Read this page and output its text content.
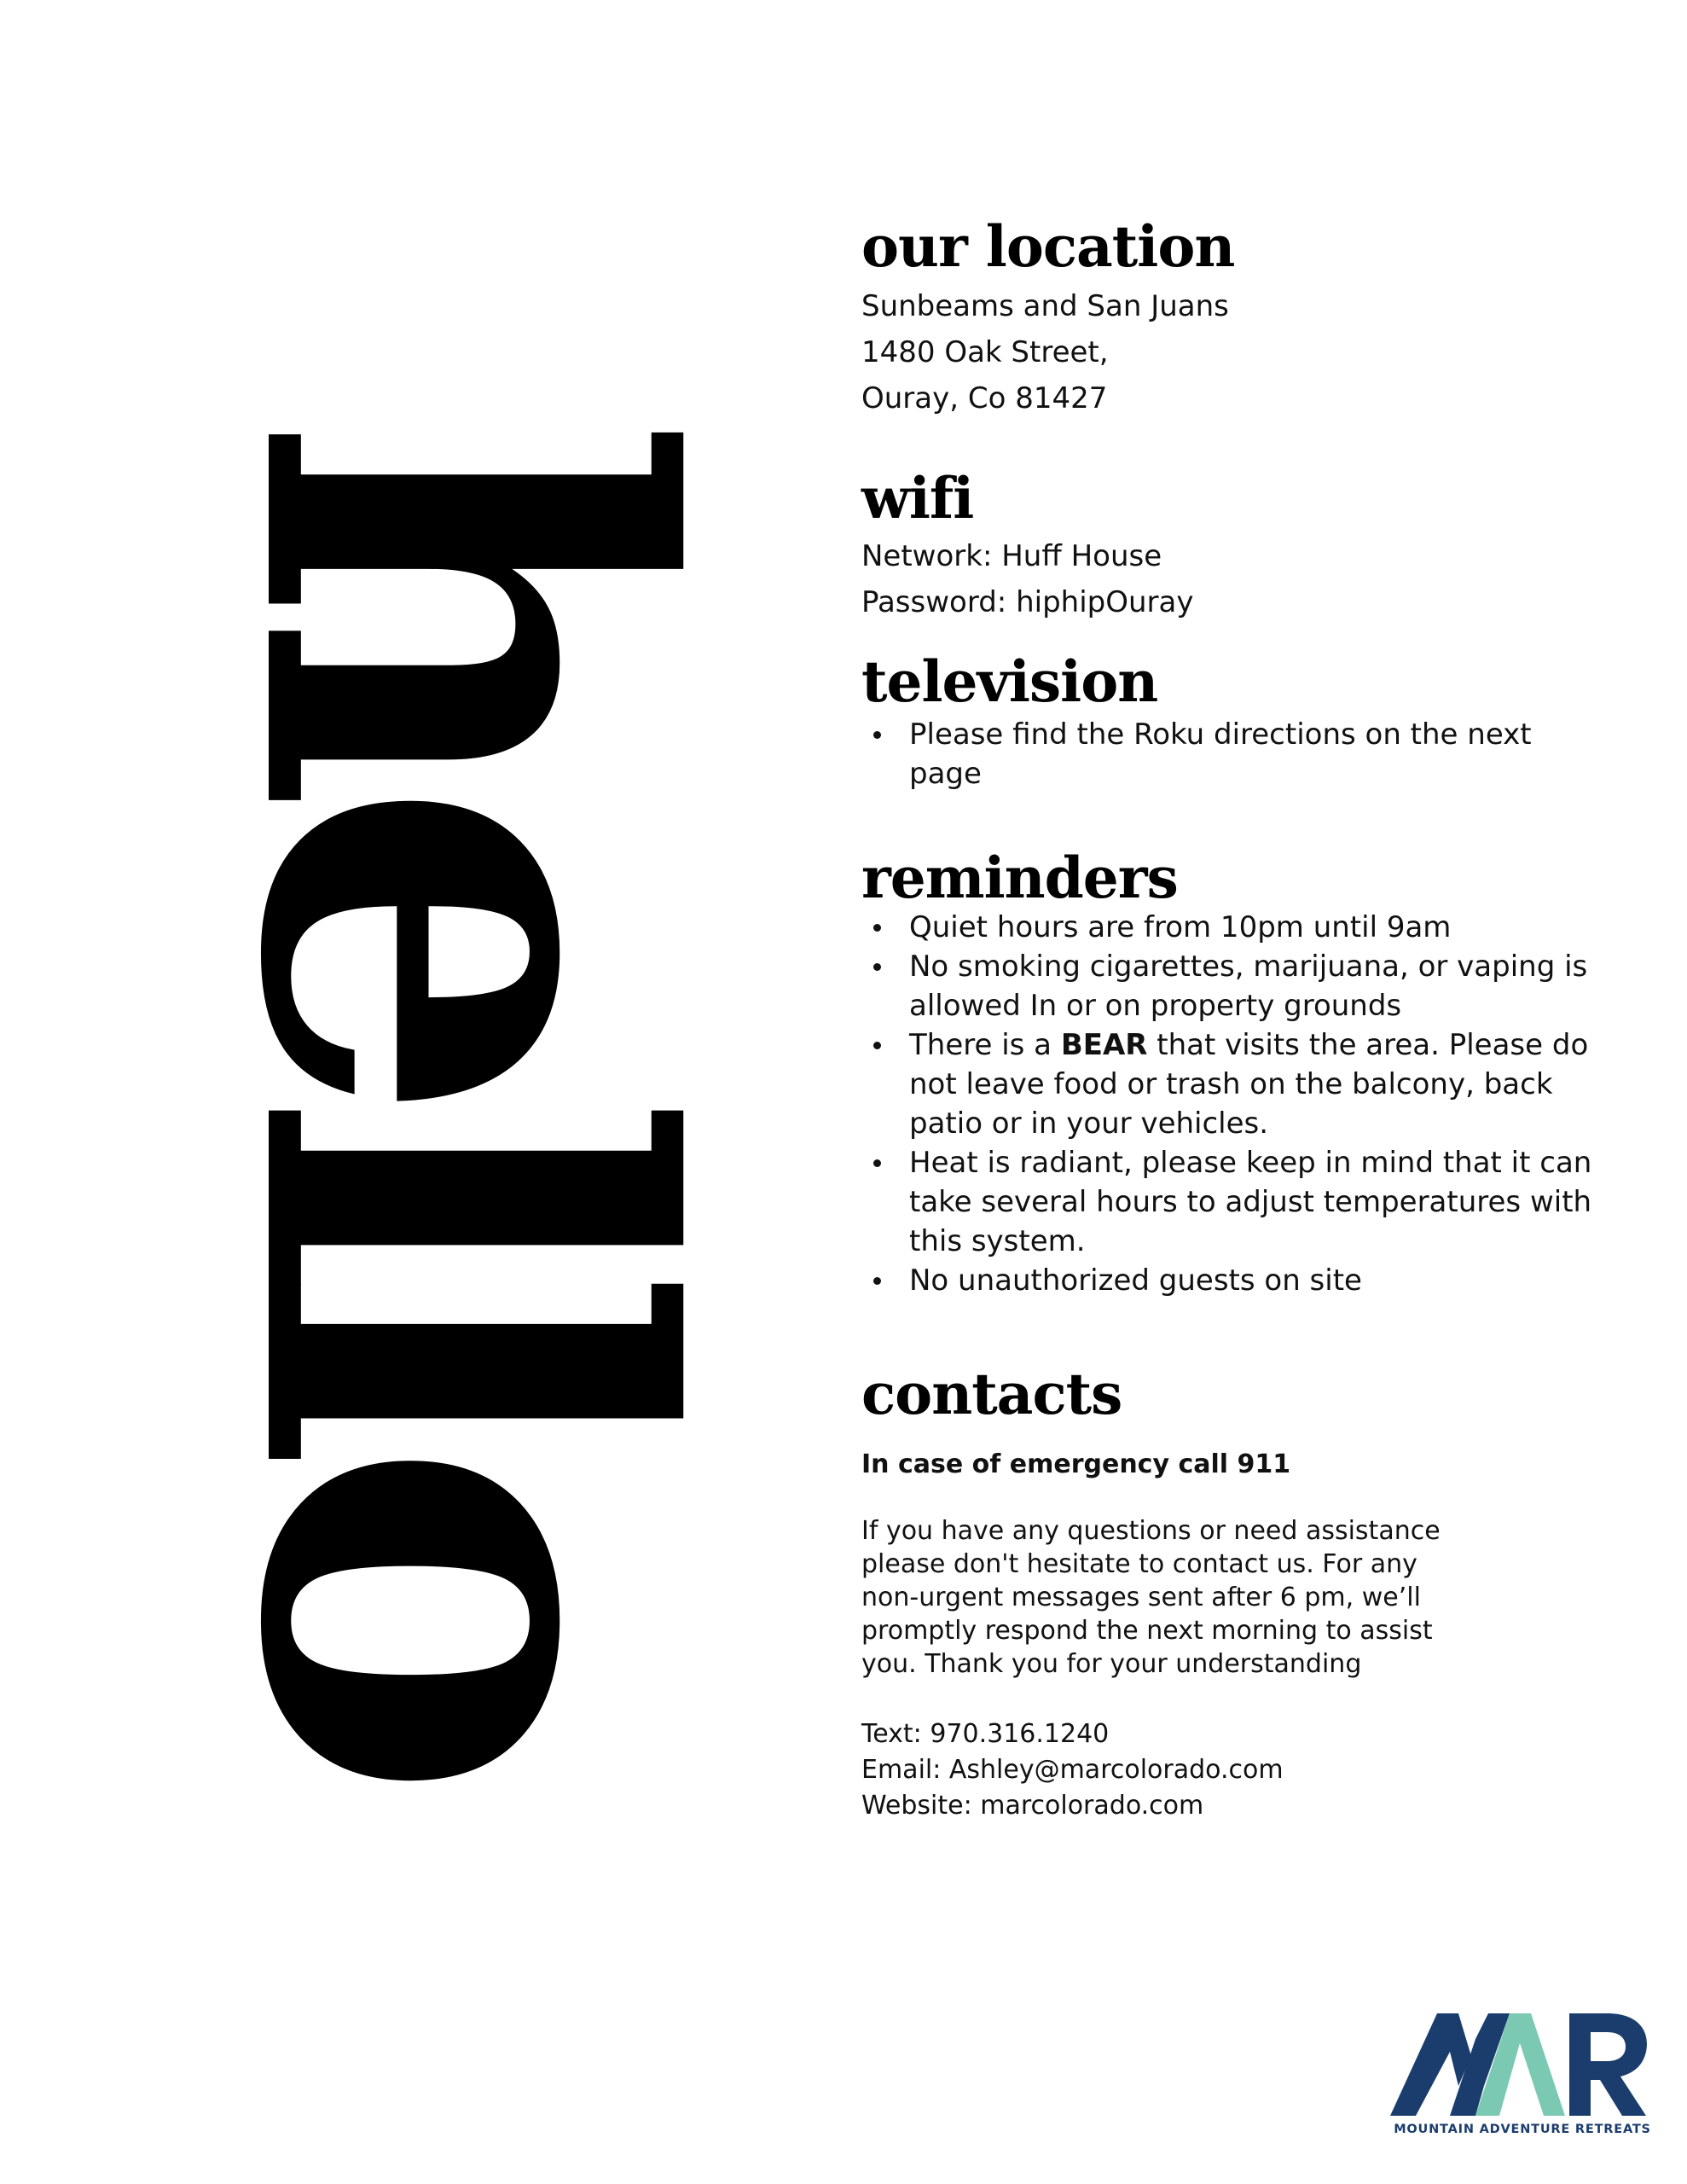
hello
our location
Sunbeams and San Juans
1480 Oak Street,
Ouray, Co 81427
wifi
Network: Huff House
Password: hiphipOuray
television
Please find the Roku directions on the next page
reminders
Quiet hours are from 10pm until 9am
No smoking cigarettes, marijuana, or vaping is allowed In or on property grounds
There is a BEAR that visits the area. Please do not leave food or trash on the balcony, back patio or in your vehicles.
Heat is radiant, please keep in mind that it can take several hours to adjust temperatures with this system.
No unauthorized guests on site
contacts
In case of emergency call 911
If you have any questions or need assistance please don't hesitate to contact us. For any non-urgent messages sent after 6 pm, we’ll promptly respond the next morning to assist you. Thank you for your understanding
Text: 970.316.1240
Email: Ashley@marcolorado.com
Website: marcolorado.com
MOUNTAIN ADVENTURE RETREATS
